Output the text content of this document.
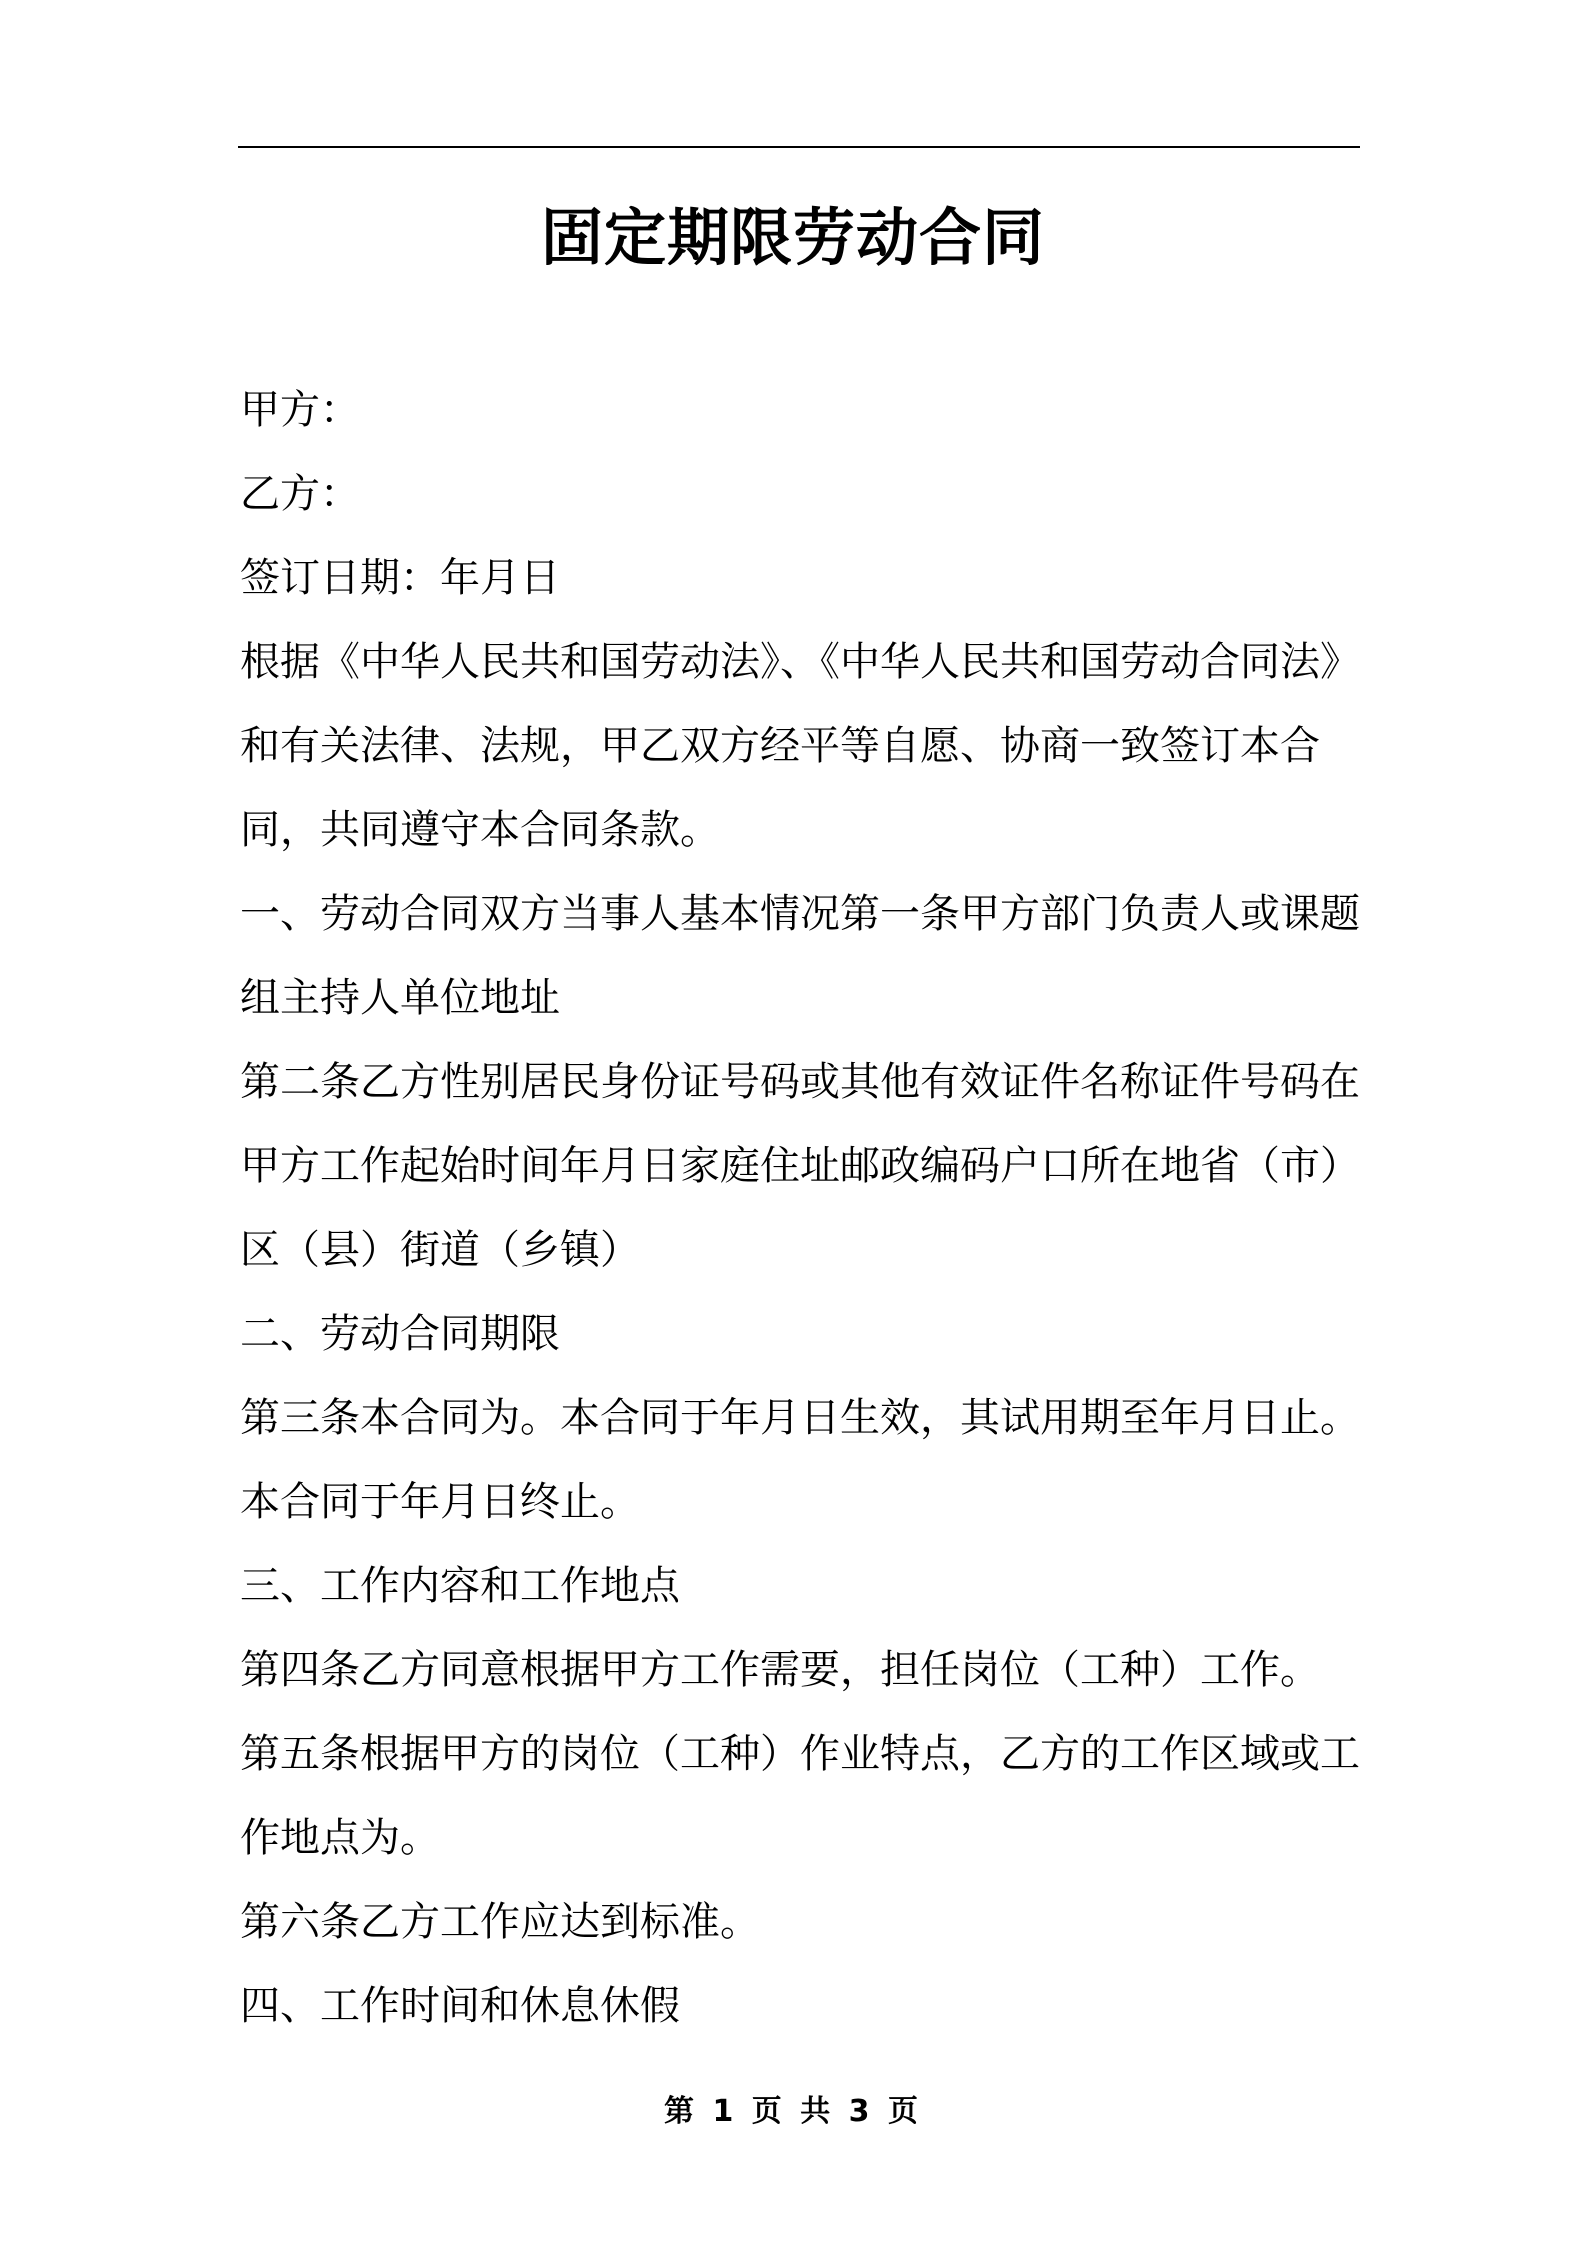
固定期限劳动合同

甲方：

乙方：

签订日期：年月日

根据《中华人民共和国劳动法》、《中华人民共和国劳动合同法》和有关法律、法规，甲乙双方经平等自愿、协商一致签订本合同，共同遵守本合同条款。

一、劳动合同双方当事人基本情况第一条甲方部门负责人或课题组主持人单位地址

第二条乙方性别居民身份证号码或其他有效证件名称证件号码在甲方工作起始时间年月日家庭住址邮政编码户口所在地省（市）区（县）街道（乡镇）

二、劳动合同期限

第三条本合同为。本合同于年月日生效，其试用期至年月日止。本合同于年月日终止。

三、工作内容和工作地点

第四条乙方同意根据甲方工作需要，担任岗位（工种）工作。

第五条根据甲方的岗位（工种）作业特点，乙方的工作区域或工作地点为。

第六条乙方工作应达到标准。

四、工作时间和休息休假

第 1 页 共 3 页
